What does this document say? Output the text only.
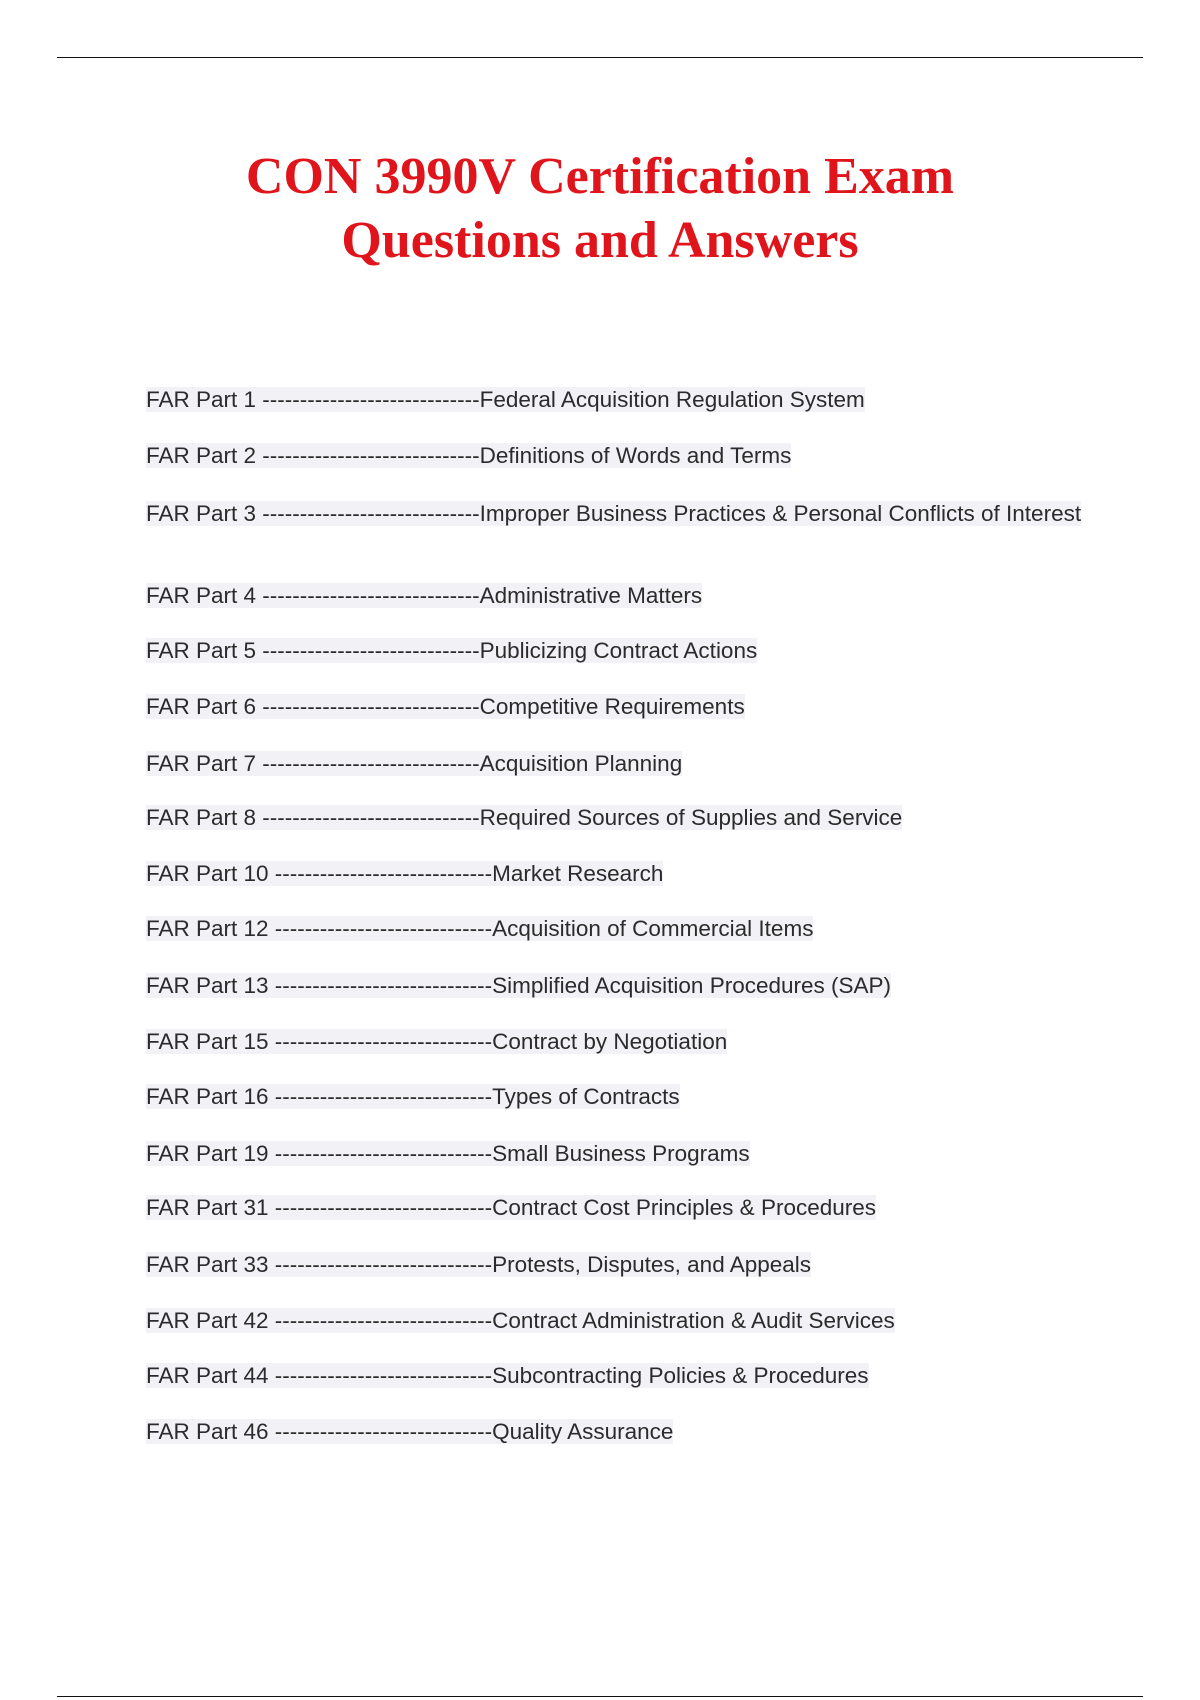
CON 3990V Certification Exam
Questions and Answers
FAR Part 1 -----------------------------Federal Acquisition Regulation System
FAR Part 2 -----------------------------Definitions of Words and Terms
FAR Part 3 -----------------------------Improper Business Practices & Personal Conflicts of Interest
FAR Part 4 -----------------------------Administrative Matters
FAR Part 5 -----------------------------Publicizing Contract Actions
FAR Part 6 -----------------------------Competitive Requirements
FAR Part 7 -----------------------------Acquisition Planning
FAR Part 8 -----------------------------Required Sources of Supplies and Service
FAR Part 10 -----------------------------Market Research
FAR Part 12 -----------------------------Acquisition of Commercial Items
FAR Part 13 -----------------------------Simplified Acquisition Procedures (SAP)
FAR Part 15 -----------------------------Contract by Negotiation
FAR Part 16 -----------------------------Types of Contracts
FAR Part 19 -----------------------------Small Business Programs
FAR Part 31 -----------------------------Contract Cost Principles & Procedures
FAR Part 33 -----------------------------Protests, Disputes, and Appeals
FAR Part 42 -----------------------------Contract Administration & Audit Services
FAR Part 44 -----------------------------Subcontracting Policies & Procedures
FAR Part 46 -----------------------------Quality Assurance
